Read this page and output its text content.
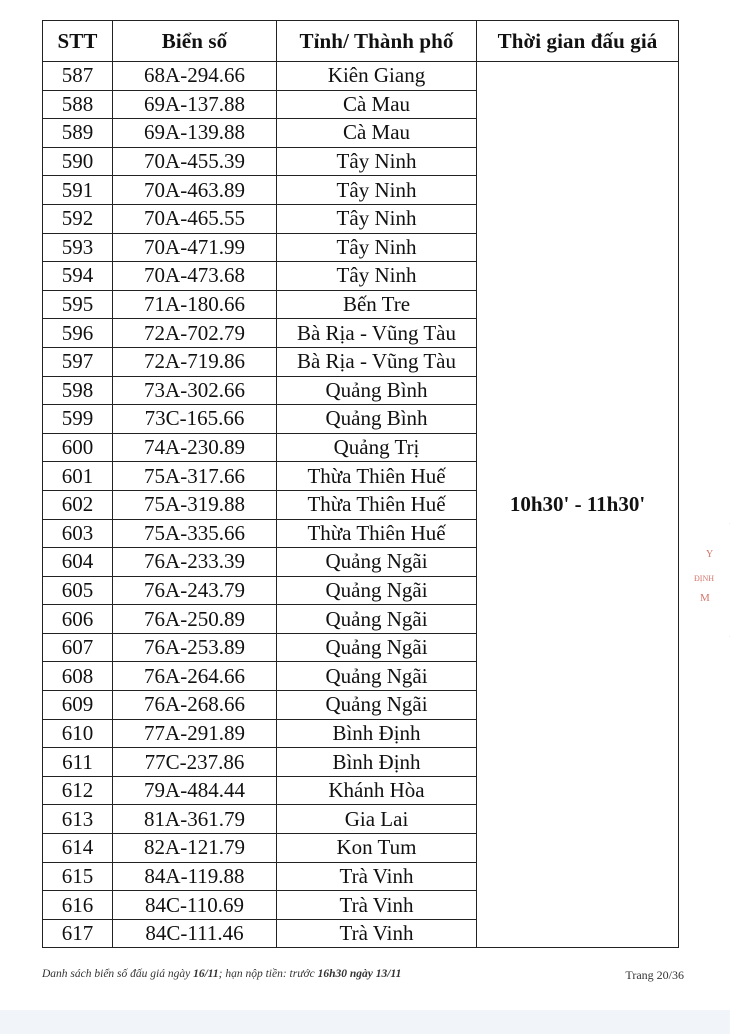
STT	Biển số	Tỉnh/ Thành phố	Thời gian đấu giá
587	68A-294.66	Kiên Giang	10h30' - 11h30'
588	69A-137.88	Cà Mau	
589	69A-139.88	Cà Mau	
590	70A-455.39	Tây Ninh	
591	70A-463.89	Tây Ninh	
592	70A-465.55	Tây Ninh	
593	70A-471.99	Tây Ninh	
594	70A-473.68	Tây Ninh	
595	71A-180.66	Bến Tre	
596	72A-702.79	Bà Rịa - Vũng Tàu	
597	72A-719.86	Bà Rịa - Vũng Tàu	
598	73A-302.66	Quảng Bình	
599	73C-165.66	Quảng Bình	
600	74A-230.89	Quảng Trị	
601	75A-317.66	Thừa Thiên Huế	
602	75A-319.88	Thừa Thiên Huế	
603	75A-335.66	Thừa Thiên Huế	
604	76A-233.39	Quảng Ngãi	
605	76A-243.79	Quảng Ngãi	
606	76A-250.89	Quảng Ngãi	
607	76A-253.89	Quảng Ngãi	
608	76A-264.66	Quảng Ngãi	
609	76A-268.66	Quảng Ngãi	
610	77A-291.89	Bình Định	
611	77C-237.86	Bình Định	
612	79A-484.44	Khánh Hòa	
613	81A-361.79	Gia Lai	
614	82A-121.79	Kon Tum	
615	84A-119.88	Trà Vinh	
616	84C-110.69	Trà Vinh	
617	84C-111.46	Trà Vinh	
Danh sách biển số đấu giá ngày 16/11; hạn nộp tiền: trước 16h30 ngày 13/11	Trang 20/36
Y
ĐỊNH
M
